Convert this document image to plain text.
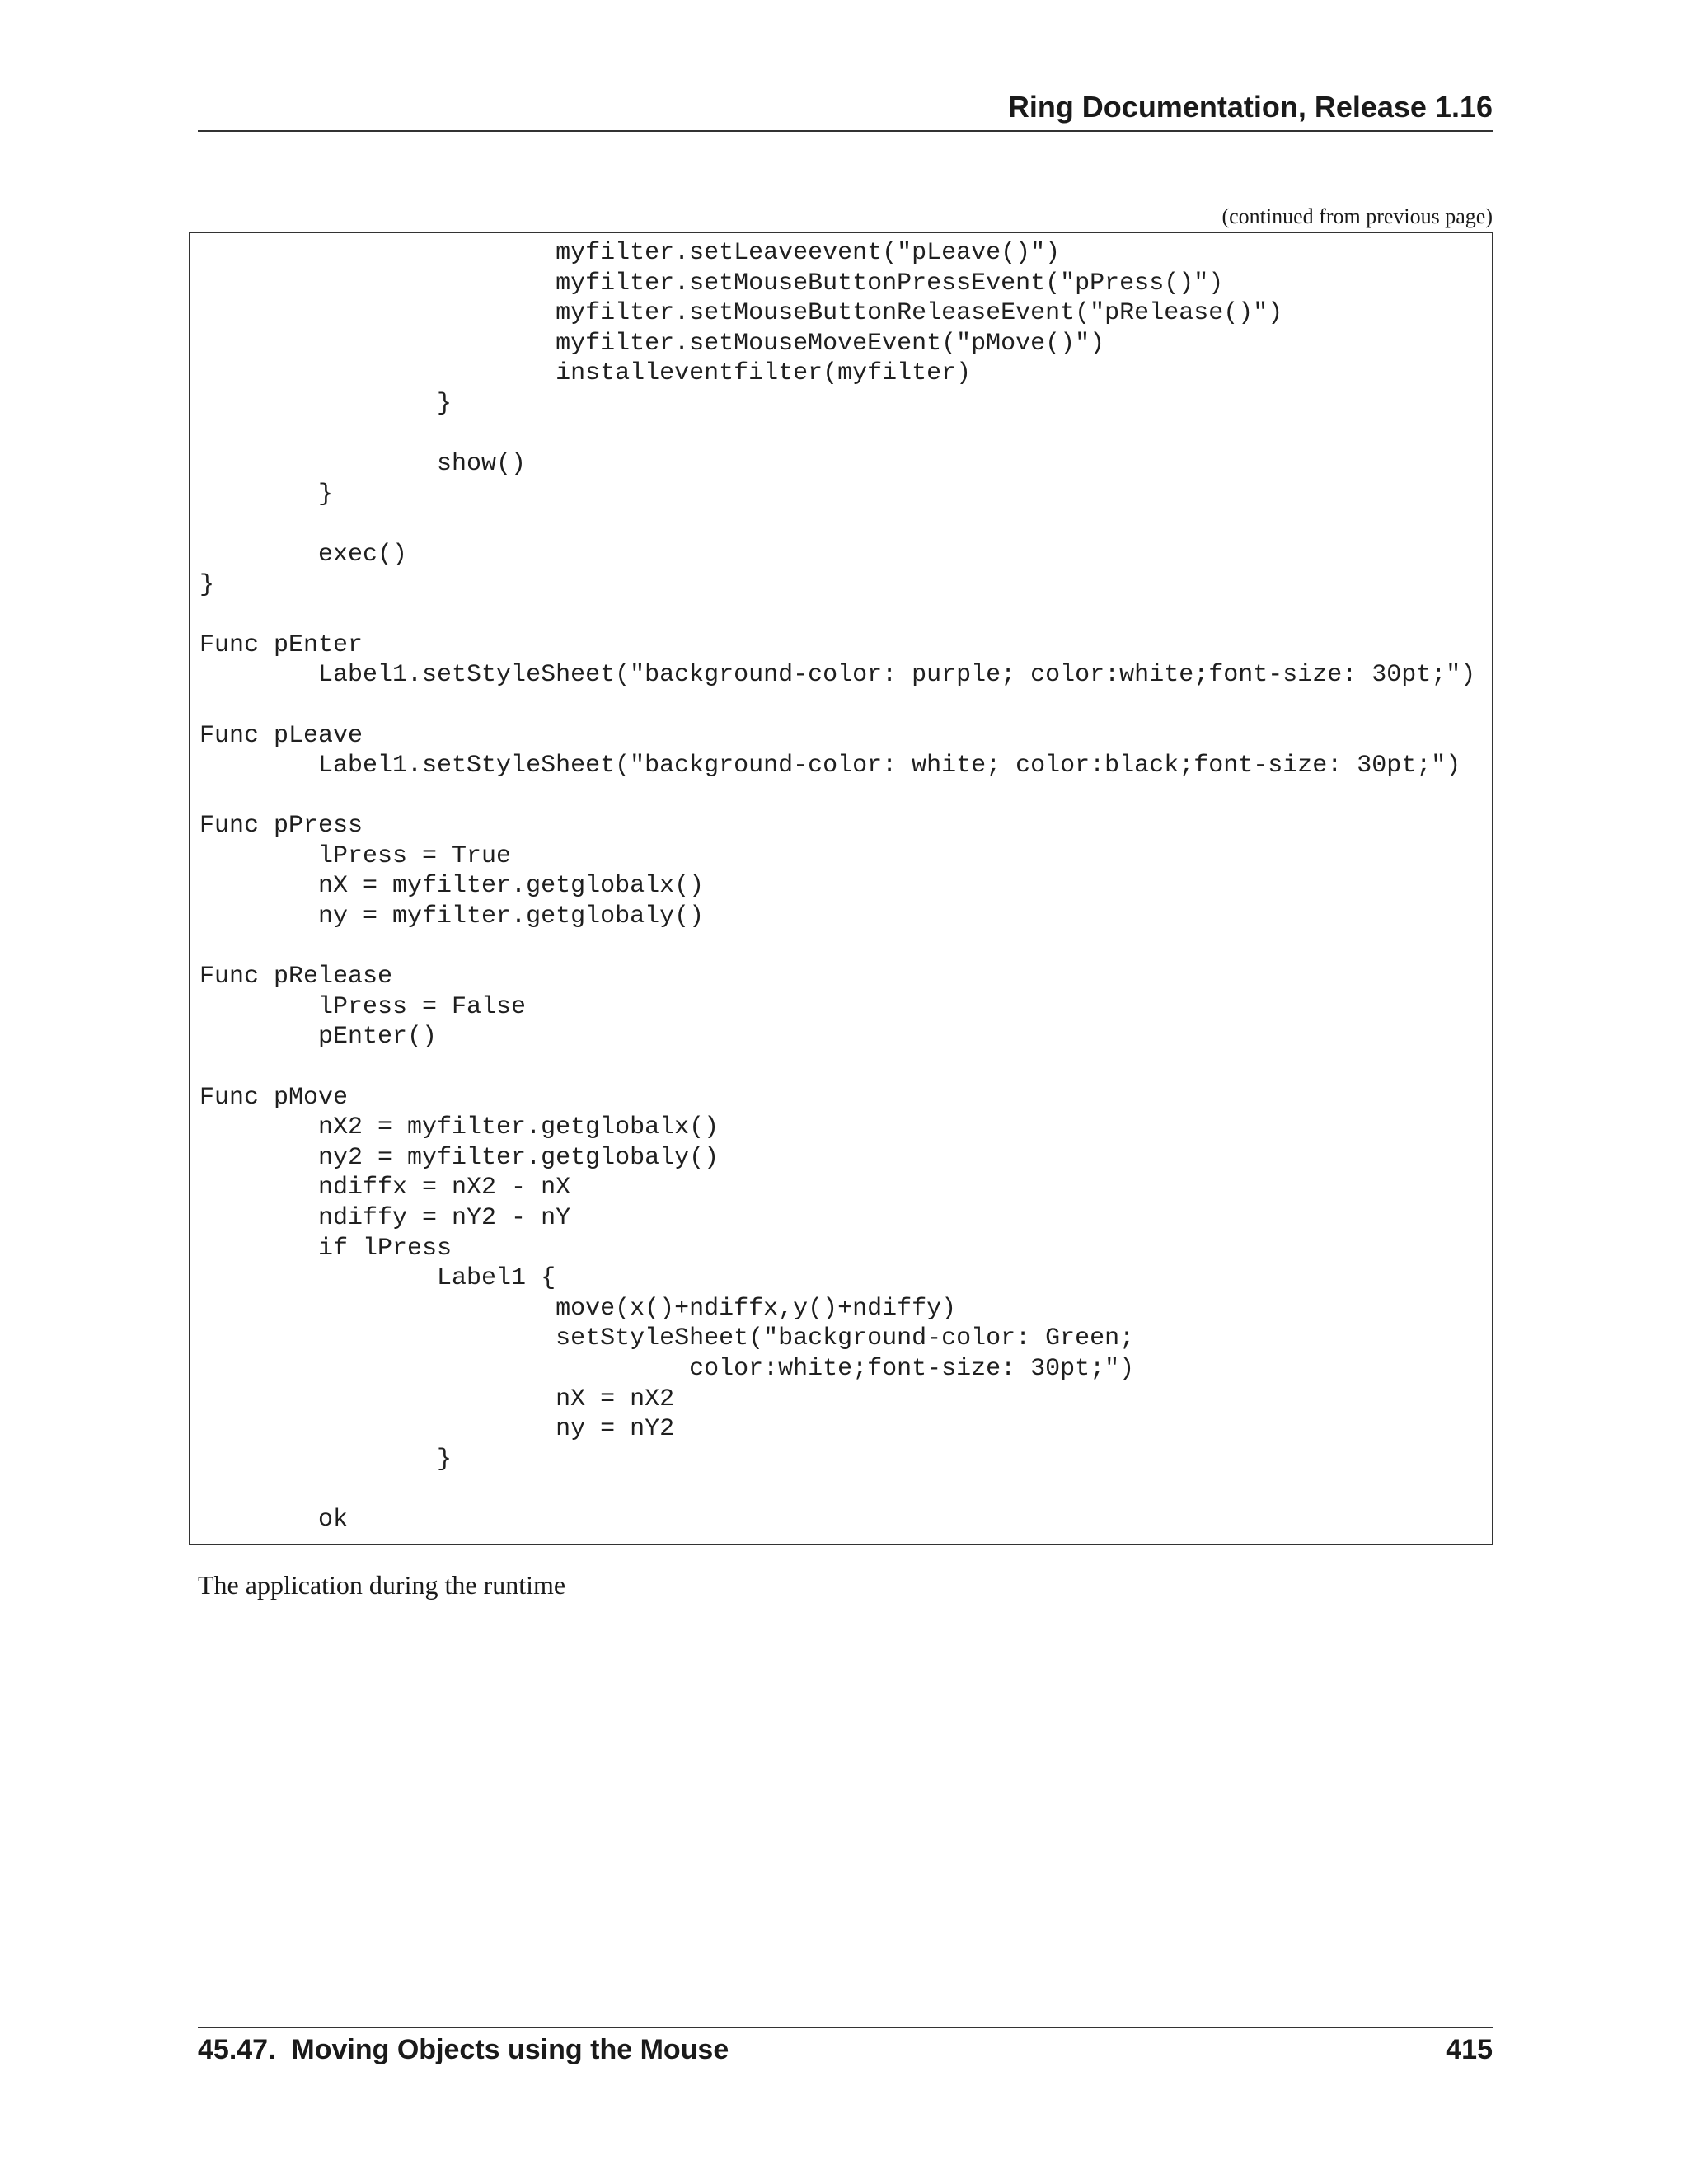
Ring Documentation, Release 1.16
(continued from previous page)
myfilter.setLeaveevent("pLeave()")
myfilter.setMouseButtonPressEvent("pPress()")
myfilter.setMouseButtonReleaseEvent("pRelease()")
myfilter.setMouseMoveEvent("pMove()")
installeventfilter(myfilter)
}

show()
}

exec()
}

Func pEnter
Label1.setStyleSheet("background-color: purple; color:white;font-size: 30pt;")

Func pLeave
Label1.setStyleSheet("background-color: white; color:black;font-size: 30pt;")

Func pPress
lPress = True
nX = myfilter.getglobalx()
ny = myfilter.getglobaly()

Func pRelease
lPress = False
pEnter()

Func pMove
nX2 = myfilter.getglobalx()
ny2 = myfilter.getglobaly()
ndiffx = nX2 - nX
ndiffy = nY2 - nY
if lPress
Label1 {
move(x()+ndiffx,y()+ndiffy)
setStyleSheet("background-color: Green;
color:white;font-size: 30pt;")
nX = nX2
ny = nY2
}

ok
The application during the runtime
45.47.  Moving Objects using the Mouse	415
